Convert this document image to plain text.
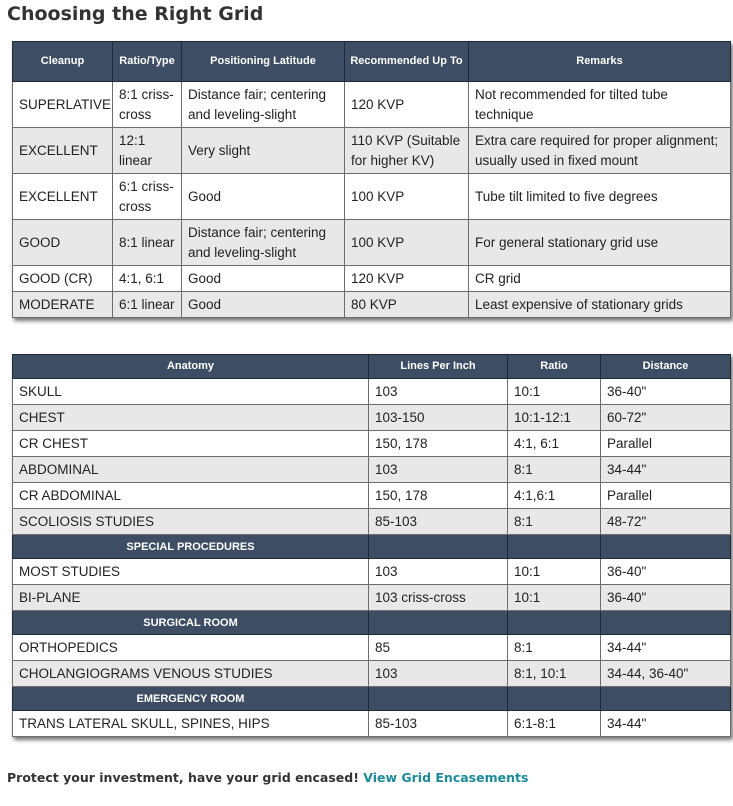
Choosing the Right Grid
Cleanup	Ratio/Type	Positioning Latitude	Recommended Up To	Remarks
SUPERLATIVE	8:1 criss-cross	Distance fair; centering and leveling-slight	120 KVP	Not recommended for tilted tube technique
EXCELLENT	12:1 linear	Very slight	110 KVP (Suitable for higher KV)	Extra care required for proper alignment; usually used in fixed mount
EXCELLENT	6:1 criss-cross	Good	100 KVP	Tube tilt limited to five degrees
GOOD	8:1 linear	Distance fair; centering and leveling-slight	100 KVP	For general stationary grid use
GOOD (CR)	4:1, 6:1	Good	120 KVP	CR grid
MODERATE	6:1 linear	Good	80 KVP	Least expensive of stationary grids
Anatomy	Lines Per Inch	Ratio	Distance
SKULL	103	10:1	36-40"
CHEST	103-150	10:1-12:1	60-72"
CR CHEST	150, 178	4:1, 6:1	Parallel
ABDOMINAL	103	8:1	34-44"
CR ABDOMINAL	150, 178	4:1,6:1	Parallel
SCOLIOSIS STUDIES	85-103	8:1	48-72"
SPECIAL PROCEDURES			
MOST STUDIES	103	10:1	36-40"
BI-PLANE	103 criss-cross	10:1	36-40"
SURGICAL ROOM			
ORTHOPEDICS	85	8:1	34-44"
CHOLANGIOGRAMS VENOUS STUDIES	103	8:1, 10:1	34-44, 36-40"
EMERGENCY ROOM			
TRANS LATERAL SKULL, SPINES, HIPS	85-103	6:1-8:1	34-44"

Protect your investment, have your grid encased! View Grid Encasements
